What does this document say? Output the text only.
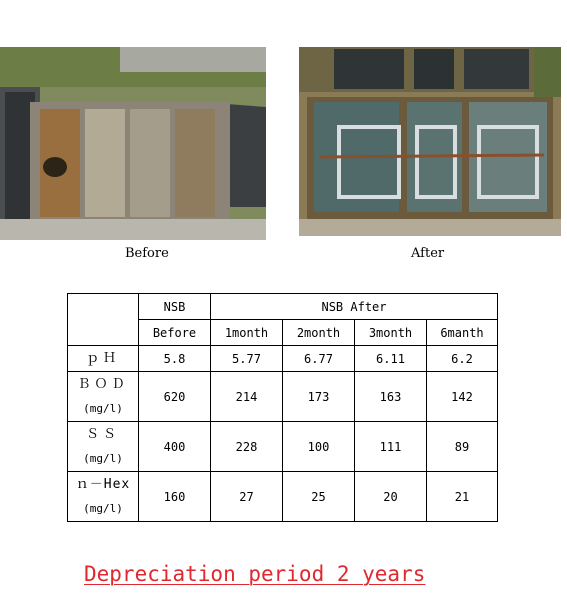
Before	After
	NSB	NSB After			
	Before	1month	2month	3month	6manth
ｐＨ	5.8	5.77	6.77	6.11	6.2

ＢＯＤ
(mg/l)	620	214	173	163	142

ＳＳ
(mg/l)	400	228	100	111	89

ｎ－Hex
(mg/l)	160	27	25	20	21
Depreciation period 2 years
